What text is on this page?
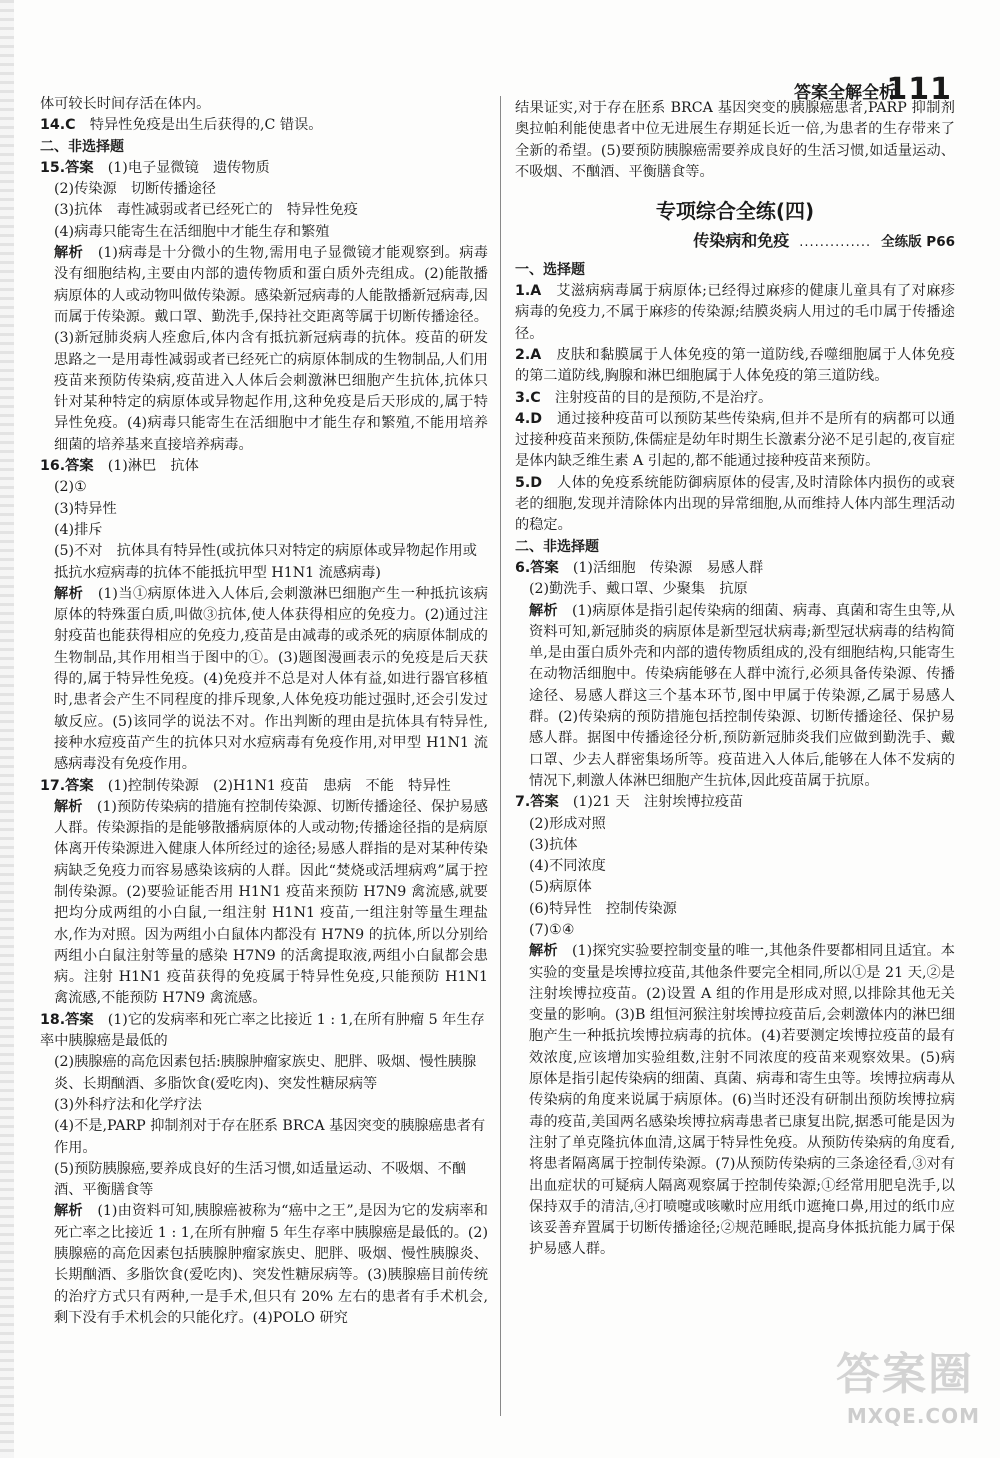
答案全解全析
111

体可较长时间存活在体内。

14.C　 特异性免疫是出生后获得的,C 错误。

二、非选择题

15.答案　 (1)电子显微镜　遗传物质

(2)传染源　切断传播途径

(3)抗体　毒性减弱或者已经死亡的　特异性免疫

(4)病毒只能寄生在活细胞中才能生存和繁殖

解析　 (1)病毒是十分微小的生物,需用电子显微镜才能观察到。病毒没有细胞结构,主要由内部的遗传物质和蛋白质外壳组成。(2)能散播病原体的人或动物叫做传染源。感染新冠病毒的人能散播新冠病毒,因而属于传染源。戴口罩、勤洗手,保持社交距离等属于切断传播途径。(3)新冠肺炎病人痊愈后,体内含有抵抗新冠病毒的抗体。疫苗的研发思路之一是用毒性减弱或者已经死亡的病原体制成的生物制品,人们用疫苗来预防传染病,疫苗进入人体后会刺激淋巴细胞产生抗体,抗体只针对某种特定的病原体或异物起作用,这种免疫是后天形成的,属于特异性免疫。(4)病毒只能寄生在活细胞中才能生存和繁殖,不能用培养细菌的培养基来直接培养病毒。

16.答案　 (1)淋巴　抗体

(2)①

(3)特异性

(4)排斥

(5)不对　抗体具有特异性(或抗体只对特定的病原体或异物起作用或抵抗水痘病毒的抗体不能抵抗甲型 H1N1 流感病毒)

解析　 (1)当①病原体进入人体后,会刺激淋巴细胞产生一种抵抗该病原体的特殊蛋白质,叫做③抗体,使人体获得相应的免疫力。(2)通过注射疫苗也能获得相应的免疫力,疫苗是由减毒的或杀死的病原体制成的生物制品,其作用相当于图中的①。(3)题图漫画表示的免疫是后天获得的,属于特异性免疫。(4)免疫并不总是对人体有益,如进行器官移植时,患者会产生不同程度的排斥现象,人体免疫功能过强时,还会引发过敏反应。(5)该同学的说法不对。作出判断的理由是抗体具有特异性,接种水痘疫苗产生的抗体只对水痘病毒有免疫作用,对甲型 H1N1 流感病毒没有免疫作用。

17.答案　 (1)控制传染源　(2)H1N1 疫苗　患病　不能　特异性

解析　 (1)预防传染病的措施有控制传染源、切断传播途径、保护易感人群。传染源指的是能够散播病原体的人或动物;传播途径指的是病原体离开传染源进入健康人体所经过的途径;易感人群指的是对某种传染病缺乏免疫力而容易感染该病的人群。因此“焚烧或活埋病鸡”属于控制传染源。(2)要验证能否用 H1N1 疫苗来预防 H7N9 禽流感,就要把均分成两组的小白鼠,一组注射 H1N1 疫苗,一组注射等量生理盐水,作为对照。因为两组小白鼠体内都没有 H7N9 的抗体,所以分别给两组小白鼠注射等量的感染 H7N9 的活禽提取液,两组小白鼠都会患病。注射 H1N1 疫苗获得的免疫属于特异性免疫,只能预防 H1N1 禽流感,不能预防 H7N9 禽流感。

18.答案　 (1)它的发病率和死亡率之比接近 1 : 1,在所有肿瘤 5 年生存率中胰腺癌是最低的

(2)胰腺癌的高危因素包括:胰腺肿瘤家族史、肥胖、吸烟、慢性胰腺炎、长期酗酒、多脂饮食(爱吃肉)、突发性糖尿病等

(3)外科疗法和化学疗法

(4)不是,PARP 抑制剂对于存在胚系 BRCA 基因突变的胰腺癌患者有作用。

(5)预防胰腺癌,要养成良好的生活习惯,如适量运动、不吸烟、不酗酒、平衡膳食等

解析　 (1)由资料可知,胰腺癌被称为“癌中之王”,是因为它的发病率和死亡率之比接近 1 : 1,在所有肿瘤 5 年生存率中胰腺癌是最低的。(2)胰腺癌的高危因素包括胰腺肿瘤家族史、肥胖、吸烟、慢性胰腺炎、长期酗酒、多脂饮食(爱吃肉)、突发性糖尿病等。(3)胰腺癌目前传统的治疗方式只有两种,一是手术,但只有 20% 左右的患者有手术机会,剩下没有手术机会的只能化疗。(4)POLO 研究

结果证实,对于存在胚系 BRCA 基因突变的胰腺癌患者,PARP 抑制剂奥拉帕利能使患者中位无进展生存期延长近一倍,为患者的生存带来了全新的希望。(5)要预防胰腺癌需要养成良好的生活习惯,如适量运动、不吸烟、不酗酒、平衡膳食等。

专项综合全练(四)
传染病和免疫 .............. 全练版 P66

一、选择题

1.A　 艾滋病病毒属于病原体;已经得过麻疹的健康儿童具有了对麻疹病毒的免疫力,不属于麻疹的传染源;结膜炎病人用过的毛巾属于传播途径。

2.A　 皮肤和黏膜属于人体免疫的第一道防线,吞噬细胞属于人体免疫的第二道防线,胸腺和淋巴细胞属于人体免疫的第三道防线。

3.C　 注射疫苗的目的是预防,不是治疗。

4.D　 通过接种疫苗可以预防某些传染病,但并不是所有的病都可以通过接种疫苗来预防,侏儒症是幼年时期生长激素分泌不足引起的,夜盲症是体内缺乏维生素 A 引起的,都不能通过接种疫苗来预防。

5.D　 人体的免疫系统能防御病原体的侵害,及时清除体内损伤的或衰老的细胞,发现并清除体内出现的异常细胞,从而维持人体内部生理活动的稳定。

二、非选择题

6.答案　 (1)活细胞　传染源　易感人群

(2)勤洗手、戴口罩、少聚集　抗原

解析　 (1)病原体是指引起传染病的细菌、病毒、真菌和寄生虫等,从资料可知,新冠肺炎的病原体是新型冠状病毒;新型冠状病毒的结构简单,是由蛋白质外壳和内部的遗传物质组成的,没有细胞结构,只能寄生在动物活细胞中。传染病能够在人群中流行,必须具备传染源、传播途径、易感人群这三个基本环节,图中甲属于传染源,乙属于易感人群。(2)传染病的预防措施包括控制传染源、切断传播途径、保护易感人群。据图中传播途径分析,预防新冠肺炎我们应做到勤洗手、戴口罩、少去人群密集场所等。疫苗进入人体后,能够在人体不发病的情况下,刺激人体淋巴细胞产生抗体,因此疫苗属于抗原。

7.答案　 (1)21 天　注射埃博拉疫苗

(2)形成对照

(3)抗体

(4)不同浓度

(5)病原体

(6)特异性　控制传染源

(7)①④

解析　 (1)探究实验要控制变量的唯一,其他条件要都相同且适宜。本实验的变量是埃博拉疫苗,其他条件要完全相同,所以①是 21 天,②是注射埃博拉疫苗。(2)设置 A 组的作用是形成对照,以排除其他无关变量的影响。(3)B 组恒河猴注射埃博拉疫苗后,会刺激体内的淋巴细胞产生一种抵抗埃博拉病毒的抗体。(4)若要测定埃博拉疫苗的最有效浓度,应该增加实验组数,注射不同浓度的疫苗来观察效果。(5)病原体是指引起传染病的细菌、真菌、病毒和寄生虫等。埃博拉病毒从传染病的角度来说属于病原体。(6)当时还没有研制出预防埃博拉病毒的疫苗,美国两名感染埃博拉病毒患者已康复出院,据悉可能是因为注射了单克隆抗体血清,这属于特异性免疫。从预防传染病的角度看,将患者隔离属于控制传染源。(7)从预防传染病的三条途径看,③对有出血症状的可疑病人隔离观察属于控制传染源;①经常用肥皂洗手,以保持双手的清洁,④打喷嚏或咳嗽时应用纸巾遮掩口鼻,用过的纸巾应该妥善弃置属于切断传播途径;②规范睡眠,提高身体抵抗能力属于保护易感人群。

答案圈
MXQE.COM
